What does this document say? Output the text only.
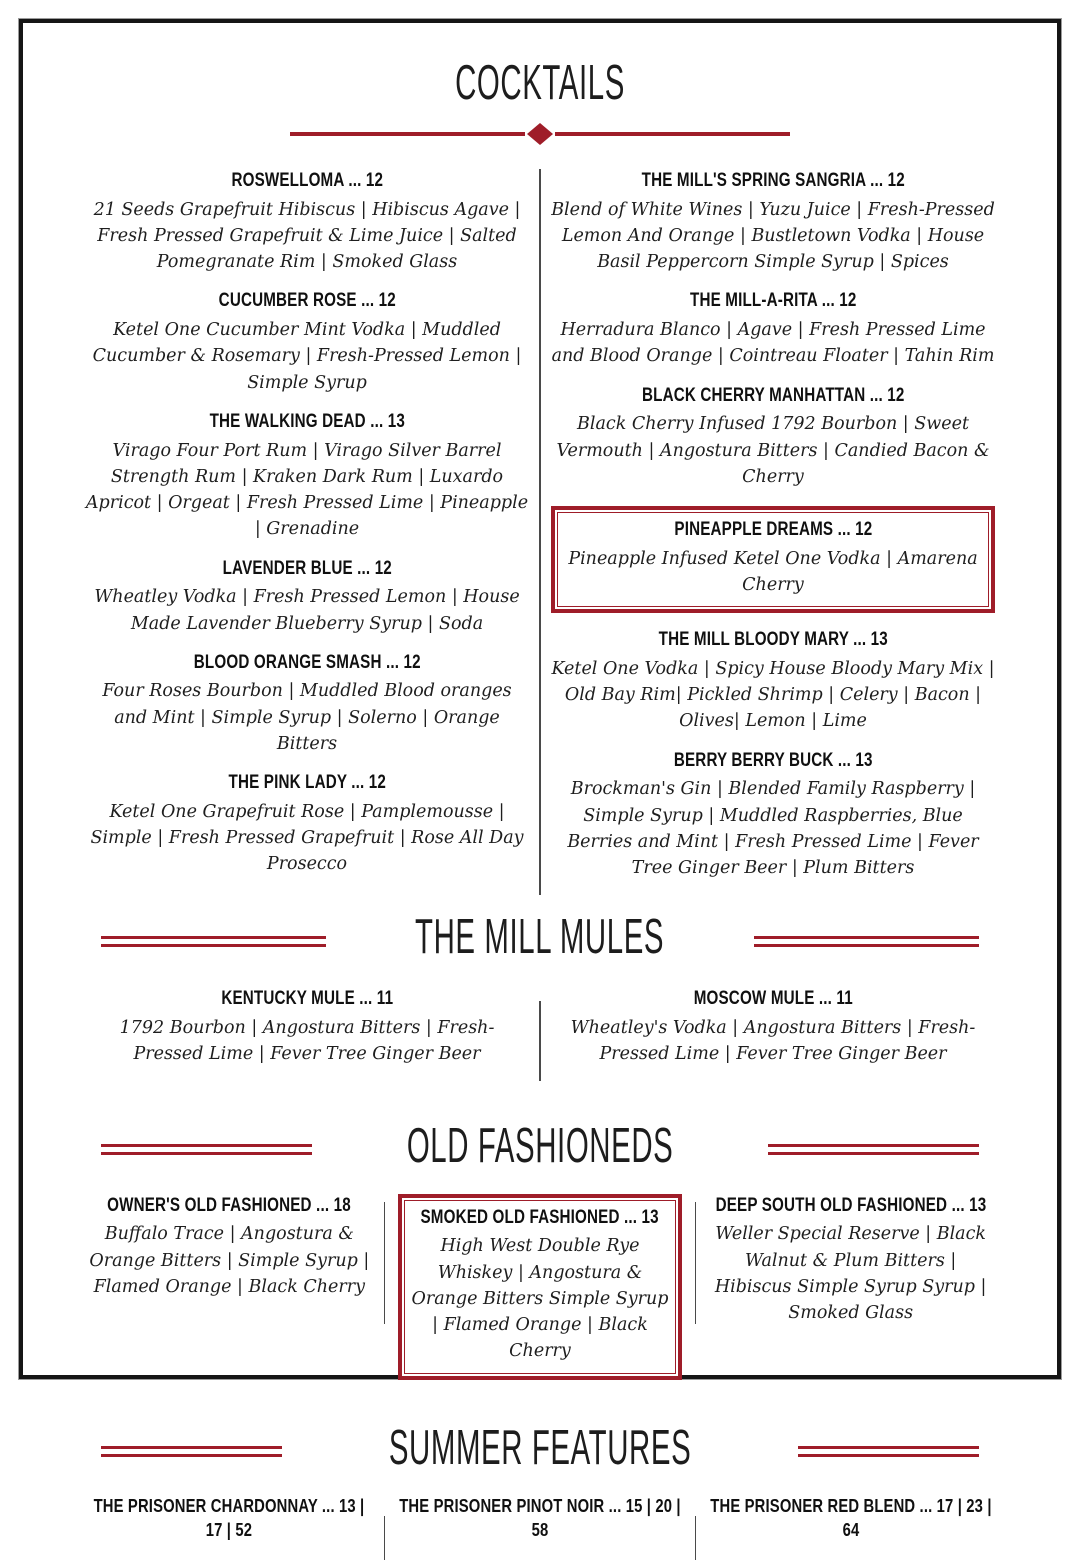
COCKTAILS
ROSWELLOMA ... 12

21 Seeds Grapefruit Hibiscus | Hibiscus Agave | Fresh Pressed Grapefruit & Lime Juice | Salted Pomegranate Rim | Smoked Glass

CUCUMBER ROSE ... 12

Ketel One Cucumber Mint Vodka | Muddled Cucumber & Rosemary | Fresh-Pressed Lemon | Simple Syrup

THE WALKING DEAD ... 13

Virago Four Port Rum | Virago Silver Barrel Strength Rum | Kraken Dark Rum | Luxardo Apricot | Orgeat | Fresh Pressed Lime | Pineapple | Grenadine

LAVENDER BLUE ... 12

Wheatley Vodka | Fresh Pressed Lemon | House Made Lavender Blueberry Syrup | Soda

BLOOD ORANGE SMASH ... 12

Four Roses Bourbon | Muddled Blood oranges and Mint | Simple Syrup | Solerno | Orange Bitters

THE PINK LADY ... 12

Ketel One Grapefruit Rose | Pamplemousse | Simple | Fresh Pressed Grapefruit | Rose All Day Prosecco

THE MILL'S SPRING SANGRIA ... 12

Blend of White Wines | Yuzu Juice | Fresh-Pressed Lemon And Orange | Bustletown Vodka | House Basil Peppercorn Simple Syrup | Spices

THE MILL-A-RITA ... 12

Herradura Blanco | Agave | Fresh Pressed Lime and Blood Orange | Cointreau Floater | Tahin Rim

BLACK CHERRY MANHATTAN ... 12

Black Cherry Infused 1792 Bourbon | Sweet Vermouth | Angostura Bitters | Candied Bacon & Cherry

PINEAPPLE DREAMS ... 12

Pineapple Infused Ketel One Vodka | Amarena Cherry

THE MILL BLOODY MARY ... 13

Ketel One Vodka | Spicy House Bloody Mary Mix | Old Bay Rim| Pickled Shrimp | Celery | Bacon | Olives| Lemon | Lime

BERRY BERRY BUCK ... 13

Brockman's Gin | Blended Family Raspberry | Simple Syrup | Muddled Raspberries, Blue Berries and Mint | Fresh Pressed Lime | Fever Tree Ginger Beer | Plum Bitters

THE MILL MULES
KENTUCKY MULE ... 11

1792 Bourbon | Angostura Bitters | Fresh-Pressed Lime | Fever Tree Ginger Beer

MOSCOW MULE ... 11

Wheatley's Vodka | Angostura Bitters | Fresh-Pressed Lime | Fever Tree Ginger Beer

OLD FASHIONEDS
OWNER'S OLD FASHIONED ... 18

Buffalo Trace | Angostura & Orange Bitters | Simple Syrup | Flamed Orange | Black Cherry

SMOKED OLD FASHIONED ... 13

High West Double Rye Whiskey | Angostura & Orange Bitters Simple Syrup | Flamed Orange | Black Cherry

DEEP SOUTH OLD FASHIONED ... 13

Weller Special Reserve | Black Walnut & Plum Bitters | Hibiscus Simple Syrup Syrup | Smoked Glass

SUMMER FEATURES
THE PRISONER CHARDONNAY ... 13 | 17 | 52
THE PRISONER PINOT NOIR ... 15 | 20 | 58
THE PRISONER RED BLEND ... 17 | 23 | 64
